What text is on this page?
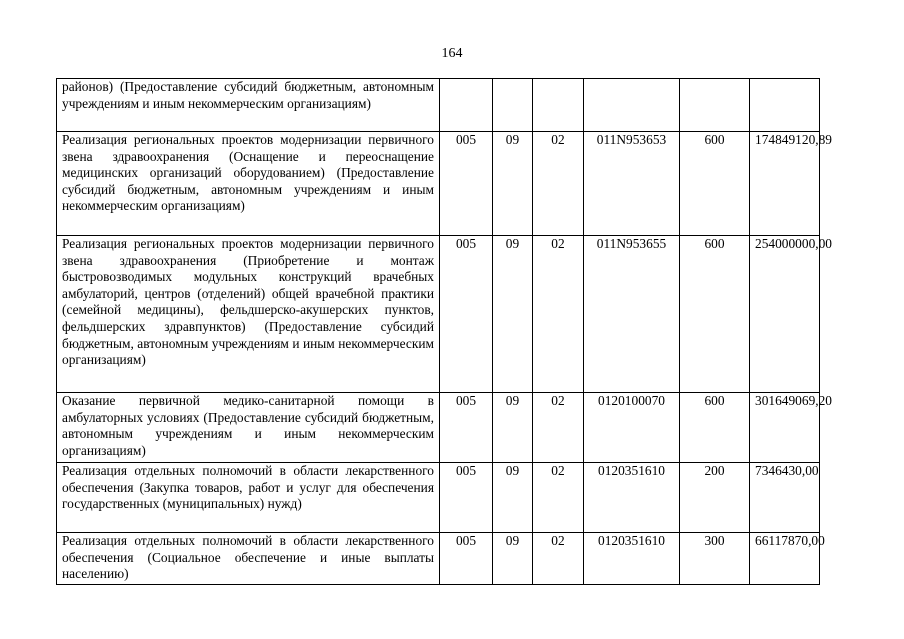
164
районов) (Предоставление субсидий бюджетным, автономным учреждениям и иным некоммерческим организациям)						
Реализация региональных проектов модернизации первичного звена здравоохранения (Оснащение и переоснащение медицинских организаций оборудованием) (Предоставление субсидий бюджетным, автономным учреждениям и иным некоммерческим организациям)	005	09	02	011N953653	600	174849120,89
Реализация региональных проектов модернизации первичного звена здравоохранения (Приобретение и монтаж быстровозводимых модульных конструкций врачебных амбулаторий, центров (отделений) общей врачебной практики (семейной медицины), фельдшерско-акушерских пунктов, фельдшерских здравпунктов) (Предоставление субсидий бюджетным, автономным учреждениям и иным некоммерческим организациям)	005	09	02	011N953655	600	254000000,00
Оказание первичной медико-санитарной помощи в амбулаторных условиях (Предоставление субсидий бюджетным, автономным учреждениям и иным некоммерческим организациям)	005	09	02	0120100070	600	301649069,20
Реализация отдельных полномочий в области лекарственного обеспечения (Закупка товаров, работ и услуг для обеспечения государственных (муниципальных) нужд)	005	09	02	0120351610	200	7346430,00
Реализация отдельных полномочий в области лекарственного обеспечения (Социальное обеспечение и иные выплаты населению)	005	09	02	0120351610	300	66117870,00
